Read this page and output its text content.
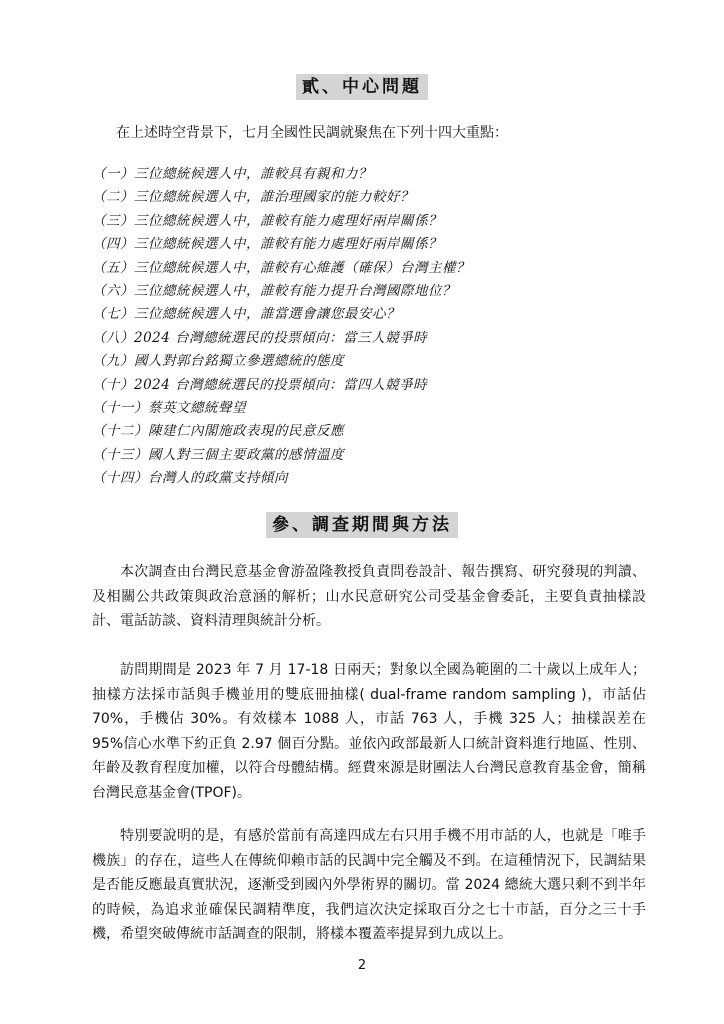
貳、中心問題
在上述時空背景下，七月全國性民調就聚焦在下列十四大重點：
（一）三位總統候選人中，誰較具有親和力？
（二）三位總統候選人中，誰治理國家的能力較好？
（三）三位總統候選人中，誰較有能力處理好兩岸關係？
（四）三位總統候選人中，誰較有能力處理好兩岸關係？
（五）三位總統候選人中，誰較有心維護（確保）台灣主權？
（六）三位總統候選人中，誰較有能力提升台灣國際地位？
（七）三位總統候選人中，誰當選會讓您最安心？
（八）2024 台灣總統選民的投票傾向：當三人競爭時
（九）國人對郭台銘獨立參選總統的態度
（十）2024 台灣總統選民的投票傾向：當四人競爭時
（十一）蔡英文總統聲望
（十二）陳建仁內閣施政表現的民意反應
（十三）國人對三個主要政黨的感情溫度
（十四）台灣人的政黨支持傾向
參、調查期間與方法

本次調查由台灣民意基金會游盈隆教授負責問卷設計、報告撰寫、研究發現的判讀、及相關公共政策與政治意涵的解析；山水民意研究公司受基金會委託，主要負責抽樣設計、電話訪談、資料清理與統計分析。

訪問期間是 2023 年 7 月 17-18 日兩天；對象以全國為範圍的二十歲以上成年人；抽樣方法採市話與手機並用的雙底冊抽樣( dual-frame random sampling )，市話佔 70%，手機佔 30%。有效樣本 1088 人，市話 763 人，手機 325 人；抽樣誤差在 95%信心水準下約正負 2.97 個百分點。並依內政部最新人口統計資料進行地區、性別、年齡及教育程度加權，以符合母體結構。經費來源是財團法人台灣民意教育基金會，簡稱台灣民意基金會(TPOF)。

特別要說明的是，有感於當前有高達四成左右只用手機不用市話的人，也就是「唯手機族」的存在，這些人在傳統仰賴市話的民調中完全觸及不到。在這種情況下，民調結果是否能反應最真實狀況，逐漸受到國內外學術界的關切。當 2024 總統大選只剩不到半年的時候，為追求並確保民調精準度，我們這次決定採取百分之七十市話，百分之三十手機，希望突破傳統市話調查的限制，將樣本覆蓋率提昇到九成以上。

2
